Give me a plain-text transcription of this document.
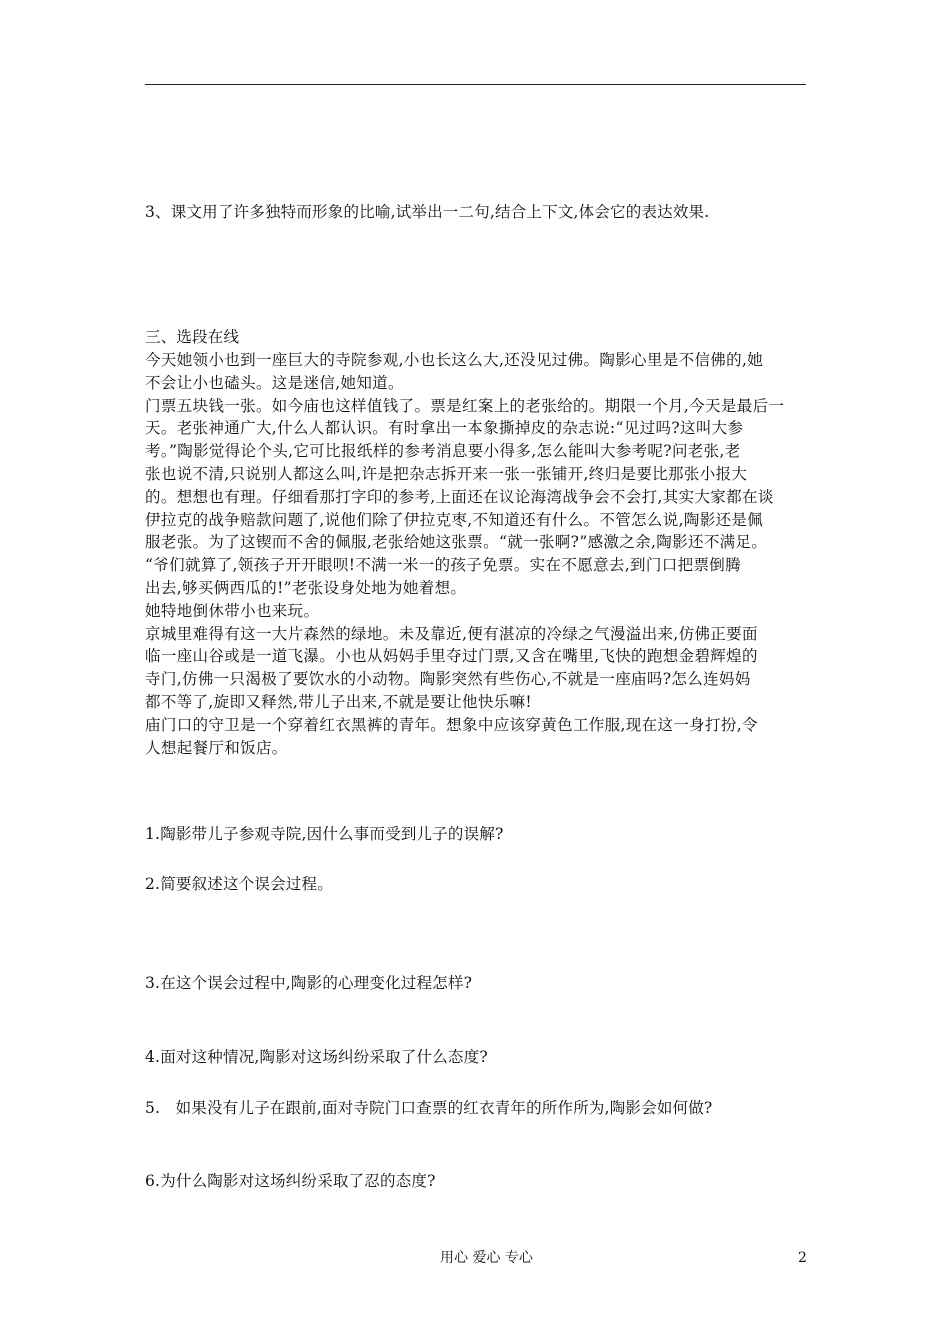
3、课文用了许多独特而形象的比喻,试举出一二句,结合上下文,体会它的表达效果.
三、选段在线
今天她领小也到一座巨大的寺院参观,小也长这么大,还没见过佛。陶影心里是不信佛的,她
不会让小也磕头。这是迷信,她知道。
门票五块钱一张。如今庙也这样值钱了。票是红案上的老张给的。期限一个月,今天是最后一
天。老张神通广大,什么人都认识。有时拿出一本象撕掉皮的杂志说:“见过吗?这叫大参
考。”陶影觉得论个头,它可比报纸样的参考消息要小得多,怎么能叫大参考呢?问老张,老
张也说不清,只说别人都这么叫,许是把杂志拆开来一张一张铺开,终归是要比那张小报大
的。想想也有理。仔细看那打字印的参考,上面还在议论海湾战争会不会打,其实大家都在谈
伊拉克的战争赔款问题了,说他们除了伊拉克枣,不知道还有什么。不管怎么说,陶影还是佩
服老张。为了这锲而不舍的佩服,老张给她这张票。“就一张啊?”感激之余,陶影还不满足。
“爷们就算了,领孩子开开眼呗!不满一米一的孩子免票。实在不愿意去,到门口把票倒腾
出去,够买俩西瓜的!”老张设身处地为她着想。
她特地倒休带小也来玩。
京城里难得有这一大片森然的绿地。未及靠近,便有湛凉的冷绿之气漫溢出来,仿佛正要面
临一座山谷或是一道飞瀑。小也从妈妈手里夺过门票,又含在嘴里,飞快的跑想金碧辉煌的
寺门,仿佛一只渴极了要饮水的小动物。陶影突然有些伤心,不就是一座庙吗?怎么连妈妈
都不等了,旋即又释然,带儿子出来,不就是要让他快乐嘛!
庙门口的守卫是一个穿着红衣黑裤的青年。想象中应该穿黄色工作服,现在这一身打扮,令
人想起餐厅和饭店。
1.陶影带儿子参观寺院,因什么事而受到儿子的误解?
2.简要叙述这个误会过程。
3.在这个误会过程中,陶影的心理变化过程怎样?
4.面对这种情况,陶影对这场纠纷采取了什么态度?
5.   如果没有儿子在跟前,面对寺院门口查票的红衣青年的所作所为,陶影会如何做?
6.为什么陶影对这场纠纷采取了忍的态度?
用心 爱心 专心	2
